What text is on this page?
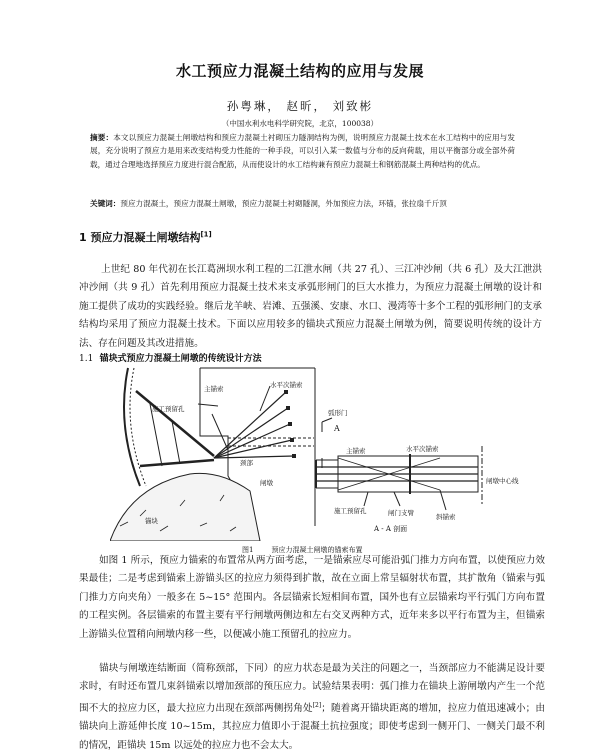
水工预应力混凝土结构的应用与发展
孙粤琳， 赵昕， 刘致彬
（中国水利水电科学研究院，北京，100038）
摘要：本文以预应力混凝土闸墩结构和预应力混凝土衬砌压力隧洞结构为例，说明预应力混凝土技术在水工结构中的应用与发展，充分说明了预应力是用来改变结构受力性能的一种手段，可以引入某一数值与分布的反向荷载，用以平衡部分或全部外荷载，通过合理地选择预应力度进行混合配筋，从而使设计的水工结构兼有预应力混凝土和钢筋混凝土两种结构的优点。
关键词：预应力混凝土，预应力混凝土闸墩，预应力混凝土衬砌隧洞，外加预应力法，环锚，张拉扇千斤顶
1 预应力混凝土闸墩结构[1]
上世纪 80 年代初在长江葛洲坝水利工程的二江泄水闸（共 27 孔）、三江冲沙闸（共 6 孔）及大江泄洪冲沙闸（共 9 孔）首先利用预应力混凝土技术来支承弧形闸门的巨大水推力，为预应力混凝土闸墩的设计和施工提供了成功的实践经验。继后龙羊峡、岩滩、五强溪、安康、水口、漫湾等十多个工程的弧形闸门的支承结构均采用了预应力混凝土技术。下面以应用较多的锚块式预应力混凝土闸墩为例，简要说明传统的设计方法、存在问题及其改进措施。
1.1 锚块式预应力混凝土闸墩的传统设计方法
主锚索	水平次锚索
施工预留孔
颈部
闸墩
锚块
弧形门
A
主锚索	水平次锚索
闸墩中心线
施工预留孔	闸门支臂	斜锚索
A - A 剖面
图1	预应力混凝土闸墩的锚索布置
如图 1 所示，预应力锚索的布置常从两方面考虑，一是锚索应尽可能沿弧门推力方向布置，以使预应力效果最佳；二是考虑到锚索上游锚头区的拉应力须得到扩散，故在立面上常呈辐射状布置，其扩散角（锚索与弧门推力方向夹角）一般多在 5~15° 范围内。各层锚索长短相间布置，国外也有立层锚索均平行弧门方向布置的工程实例。各层锚索的布置主要有平行闸墩两侧边和左右交叉两种方式，近年来多以平行布置为主，但锚索上游锚头位置稍向闸墩内移一些，以便减小施工预留孔的拉应力。
锚块与闸墩连结断面（简称颈部，下同）的应力状态是最为关注的问题之一，当颈部应力不能满足设计要求时，有时还布置几束斜锚索以增加颈部的预压应力。试验结果表明：弧门推力在锚块上游闸墩内产生一个范围不大的拉应力区，最大拉应力出现在颈部两侧拐角处[2]；随着离开锚块距离的增加，拉应力值迅速减小；由锚块向上游延伸长度 10~15m，其拉应力值即小于混凝土抗拉强度；即使考虑到一侧开门、一侧关门最不利的情况，距锚块 15m 以远处的拉应力也不会太大。
